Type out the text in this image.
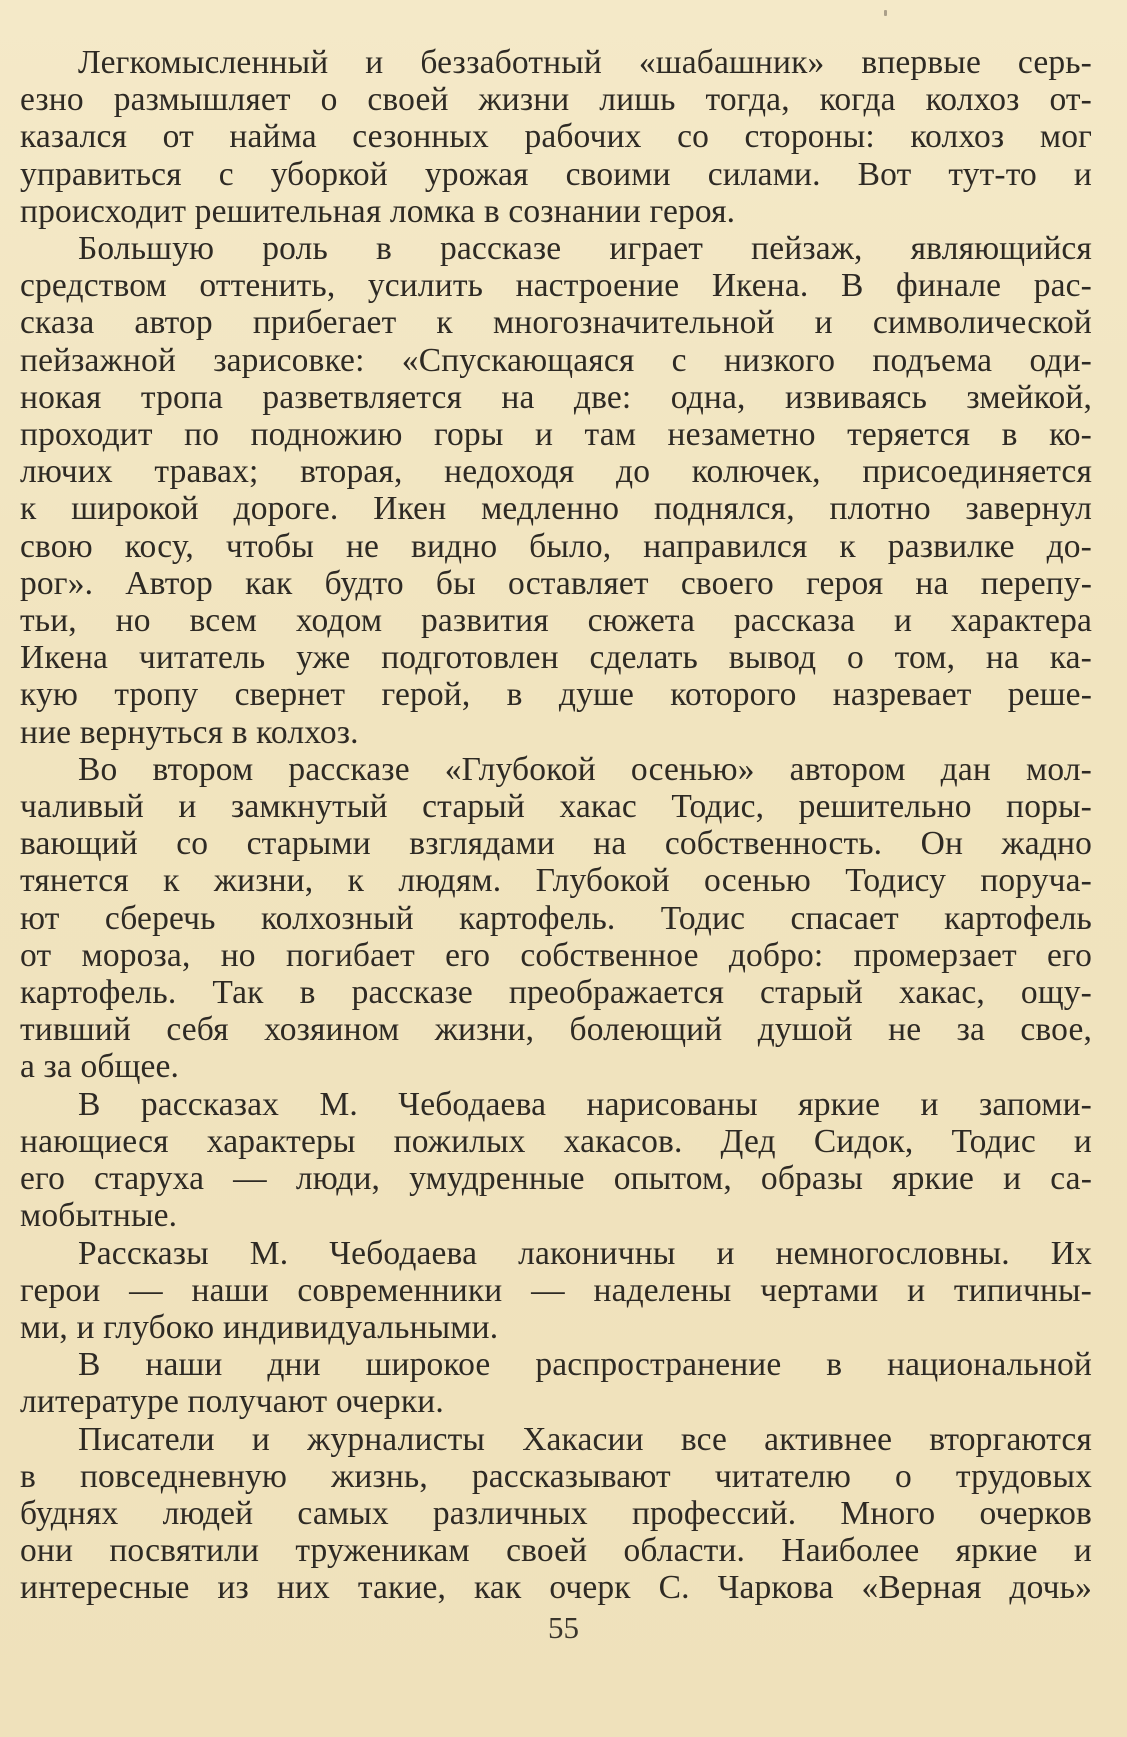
Легкомысленный и беззаботный «шабашник» впервые серь-
езно размышляет о своей жизни лишь тогда, когда колхоз от-
казался от найма сезонных рабочих со стороны: колхоз мог
управиться с уборкой урожая своими силами. Вот тут-то и
происходит решительная ломка в сознании героя.

Большую роль в рассказе играет пейзаж, являющийся
средством оттенить, усилить настроение Икена. В финале рас-
сказа автор прибегает к многозначительной и символической
пейзажной зарисовке: «Спускающаяся с низкого подъема оди-
нокая тропа разветвляется на две: одна, извиваясь змейкой,
проходит по подножию горы и там незаметно теряется в ко-
лючих травах; вторая, недоходя до колючек, присоединяется
к широкой дороге. Икен медленно поднялся, плотно завернул
свою косу, чтобы не видно было, направился к развилке до-
рог». Автор как будто бы оставляет своего героя на перепу-
тьи, но всем ходом развития сюжета рассказа и характера
Икена читатель уже подготовлен сделать вывод о том, на ка-
кую тропу свернет герой, в душе которого назревает реше-
ние вернуться в колхоз.

Во втором рассказе «Глубокой осенью» автором дан мол-
чаливый и замкнутый старый хакас Тодис, решительно поры-
вающий со старыми взглядами на собственность. Он жадно
тянется к жизни, к людям. Глубокой осенью Тодису поруча-
ют сберечь колхозный картофель. Тодис спасает картофель
от мороза, но погибает его собственное добро: промерзает его
картофель. Так в рассказе преображается старый хакас, ощу-
тивший себя хозяином жизни, болеющий душой не за свое,
а за общее.

В рассказах М. Чебодаева нарисованы яркие и запоми-
нающиеся характеры пожилых хакасов. Дед Сидок, Тодис и
его старуха — люди, умудренные опытом, образы яркие и са-
мобытные.

Рассказы М. Чебодаева лаконичны и немногословны. Их
герои — наши современники — наделены чертами и типичны-
ми, и глубоко индивидуальными.

В наши дни широкое распространение в национальной
литературе получают очерки.

Писатели и журналисты Хакасии все активнее вторгаются
в повседневную жизнь, рассказывают читателю о трудовых
буднях людей самых различных профессий. Много очерков
они посвятили труженикам своей области. Наиболее яркие и
интересные из них такие, как очерк С. Чаркова «Верная дочь»

55
